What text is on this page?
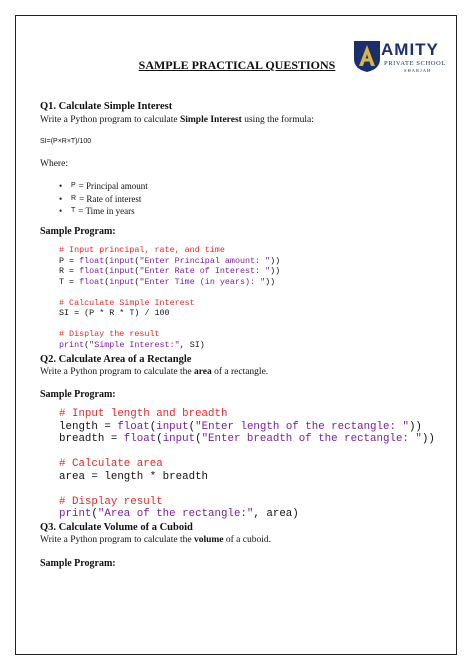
AMITY
PRIVATE SCHOOL
SHARJAH
SAMPLE PRACTICAL QUESTIONS
Q1. Calculate Simple Interest
Write a Python program to calculate Simple Interest using the formula:
SI=(P×R×T)/100
Where:
•	P = Principal amount
•	R = Rate of interest
•	T = Time in years
Sample Program:
# Input principal, rate, and time
P = float(input("Enter Principal amount: "))
R = float(input("Enter Rate of Interest: "))
T = float(input("Enter Time (in years): "))

# Calculate Simple Interest
SI = (P * R * T) / 100

# Display the result
print("Simple Interest:", SI)
Q2. Calculate Area of a Rectangle
Write a Python program to calculate the area of a rectangle.
Sample Program:
# Input length and breadth
length = float(input("Enter length of the rectangle: "))
breadth = float(input("Enter breadth of the rectangle: "))

# Calculate area
area = length * breadth

# Display result
print("Area of the rectangle:", area)
Q3. Calculate Volume of a Cuboid
Write a Python program to calculate the volume of a cuboid.
Sample Program:
